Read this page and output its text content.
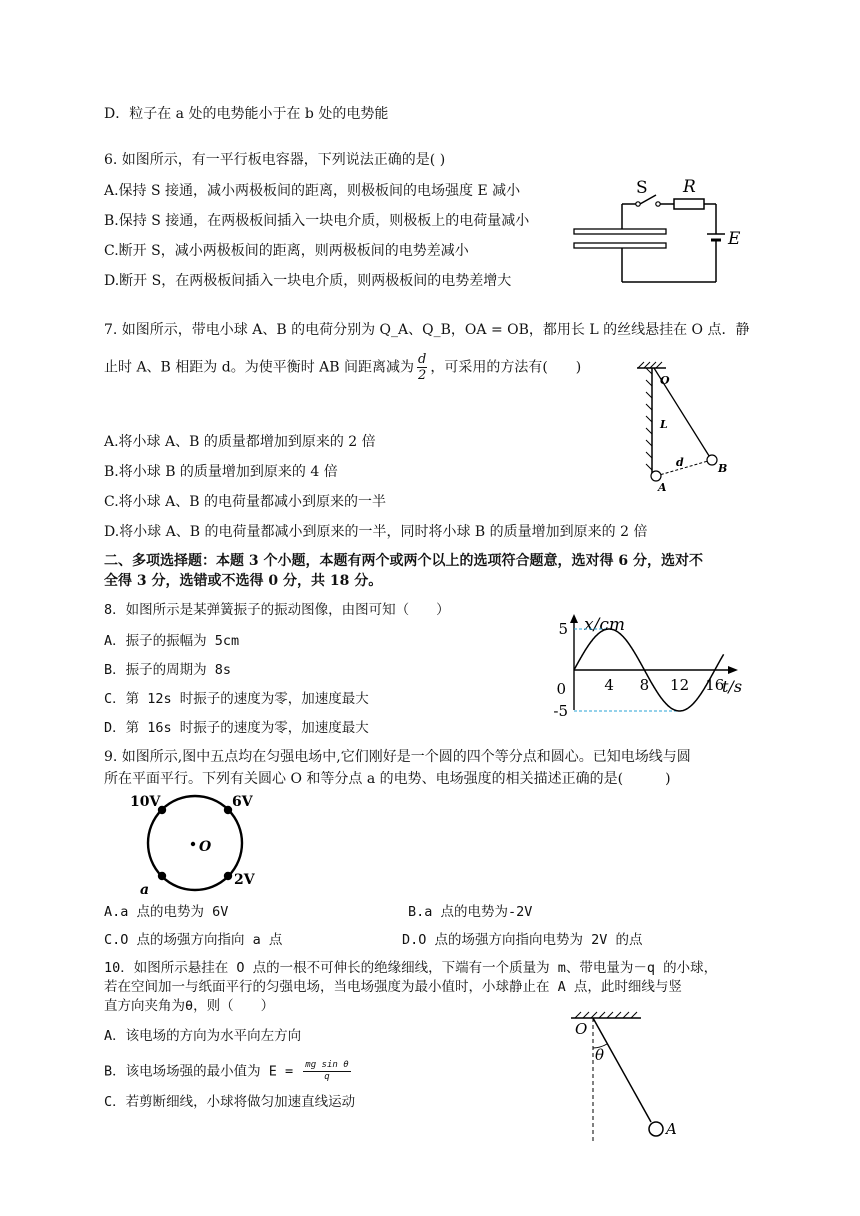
D．粒子在 a 处的电势能小于在 b 处的电势能
6. 如图所示，有一平行板电容器，下列说法正确的是( )
A.保持 S 接通，减小两极板间的距离，则极板间的电场强度 E 减小
B.保持 S 接通，在两极板间插入一块电介质，则极板上的电荷量减小
C.断开 S，减小两极板间的距离，则两极板间的电势差减小
D.断开 S，在两极板间插入一块电介质，则两极板间的电势差增大
S R
E
7. 如图所示，带电小球 A、B 的电荷分别为 Q_A、Q_B，OA = OB，都用长 L 的丝线悬挂在 O 点．静
止时 A、B 相距为 d。为使平衡时 AB 间距离减为 $\frac{d}{2}$ ，可采用的方法有(　　)
O
L
d
A
B
A.将小球 A、B 的质量都增加到原来的 2 倍
B.将小球 B 的质量增加到原来的 4 倍
C.将小球 A、B 的电荷量都减小到原来的一半
D.将小球 A、B 的电荷量都减小到原来的一半，同时将小球 B 的质量增加到原来的 2 倍
二、多项选择题：本题 3 个小题，本题有两个或两个以上的选项符合题意，选对得 6 分，选对不
全得 3 分，选错或不选得 0 分，共 18 分。
8．如图所示是某弹簧振子的振动图像，由图可知（　　）
A．振子的振幅为 5cm
B．振子的周期为 8s
C．第 12s 时振子的速度为零，加速度最大
D．第 16s 时振子的速度为零，加速度最大
x/cm
t/s
0	4 8 12 16
5
-5
9. 如图所示,图中五点均在匀强电场中,它们刚好是一个圆的四个等分点和圆心。已知电场线与圆
所在平面平行。下列有关圆心 O 和等分点 a 的电势、电场强度的相关描述正确的是(　　　)
10V	6V
O
2V
a
A.a 点的电势为 6V	B.a 点的电势为-2V
C.O 点的场强方向指向 a 点	D.O 点的场强方向指向电势为 2V 的点
10．如图所示悬挂在 O 点的一根不可伸长的绝缘细线，下端有一个质量为 m、带电量为－q 的小球，
若在空间加一与纸面平行的匀强电场，当电场强度为最小值时，小球静止在 A 点，此时细线与竖
直方向夹角为θ，则（　　）
A．该电场的方向为水平向左方向
B．该电场场强的最小值为 $E = \frac{\text{mg sin θ}}{q}$
C．若剪断细线，小球将做匀加速直线运动
O
θ
A
